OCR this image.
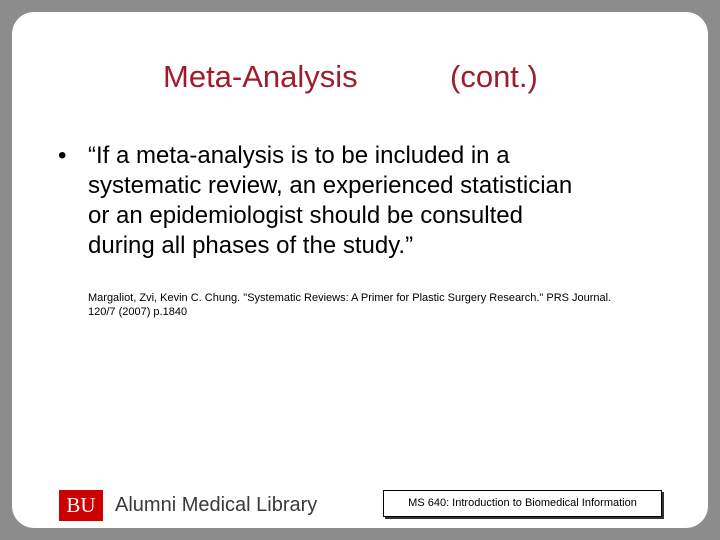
Meta-Analysis	(cont.)
• “If a meta-analysis is to be included in a
systematic review, an experienced statistician
or an epidemiologist should be consulted
during all phases of the study.”
Margaliot, Zvi, Kevin C. Chung. "Systematic Reviews: A Primer for Plastic Surgery Research." PRS Journal.
120/7 (2007) p.1840
BU Alumni Medical Library	MS 640: Introduction to Biomedical Information
